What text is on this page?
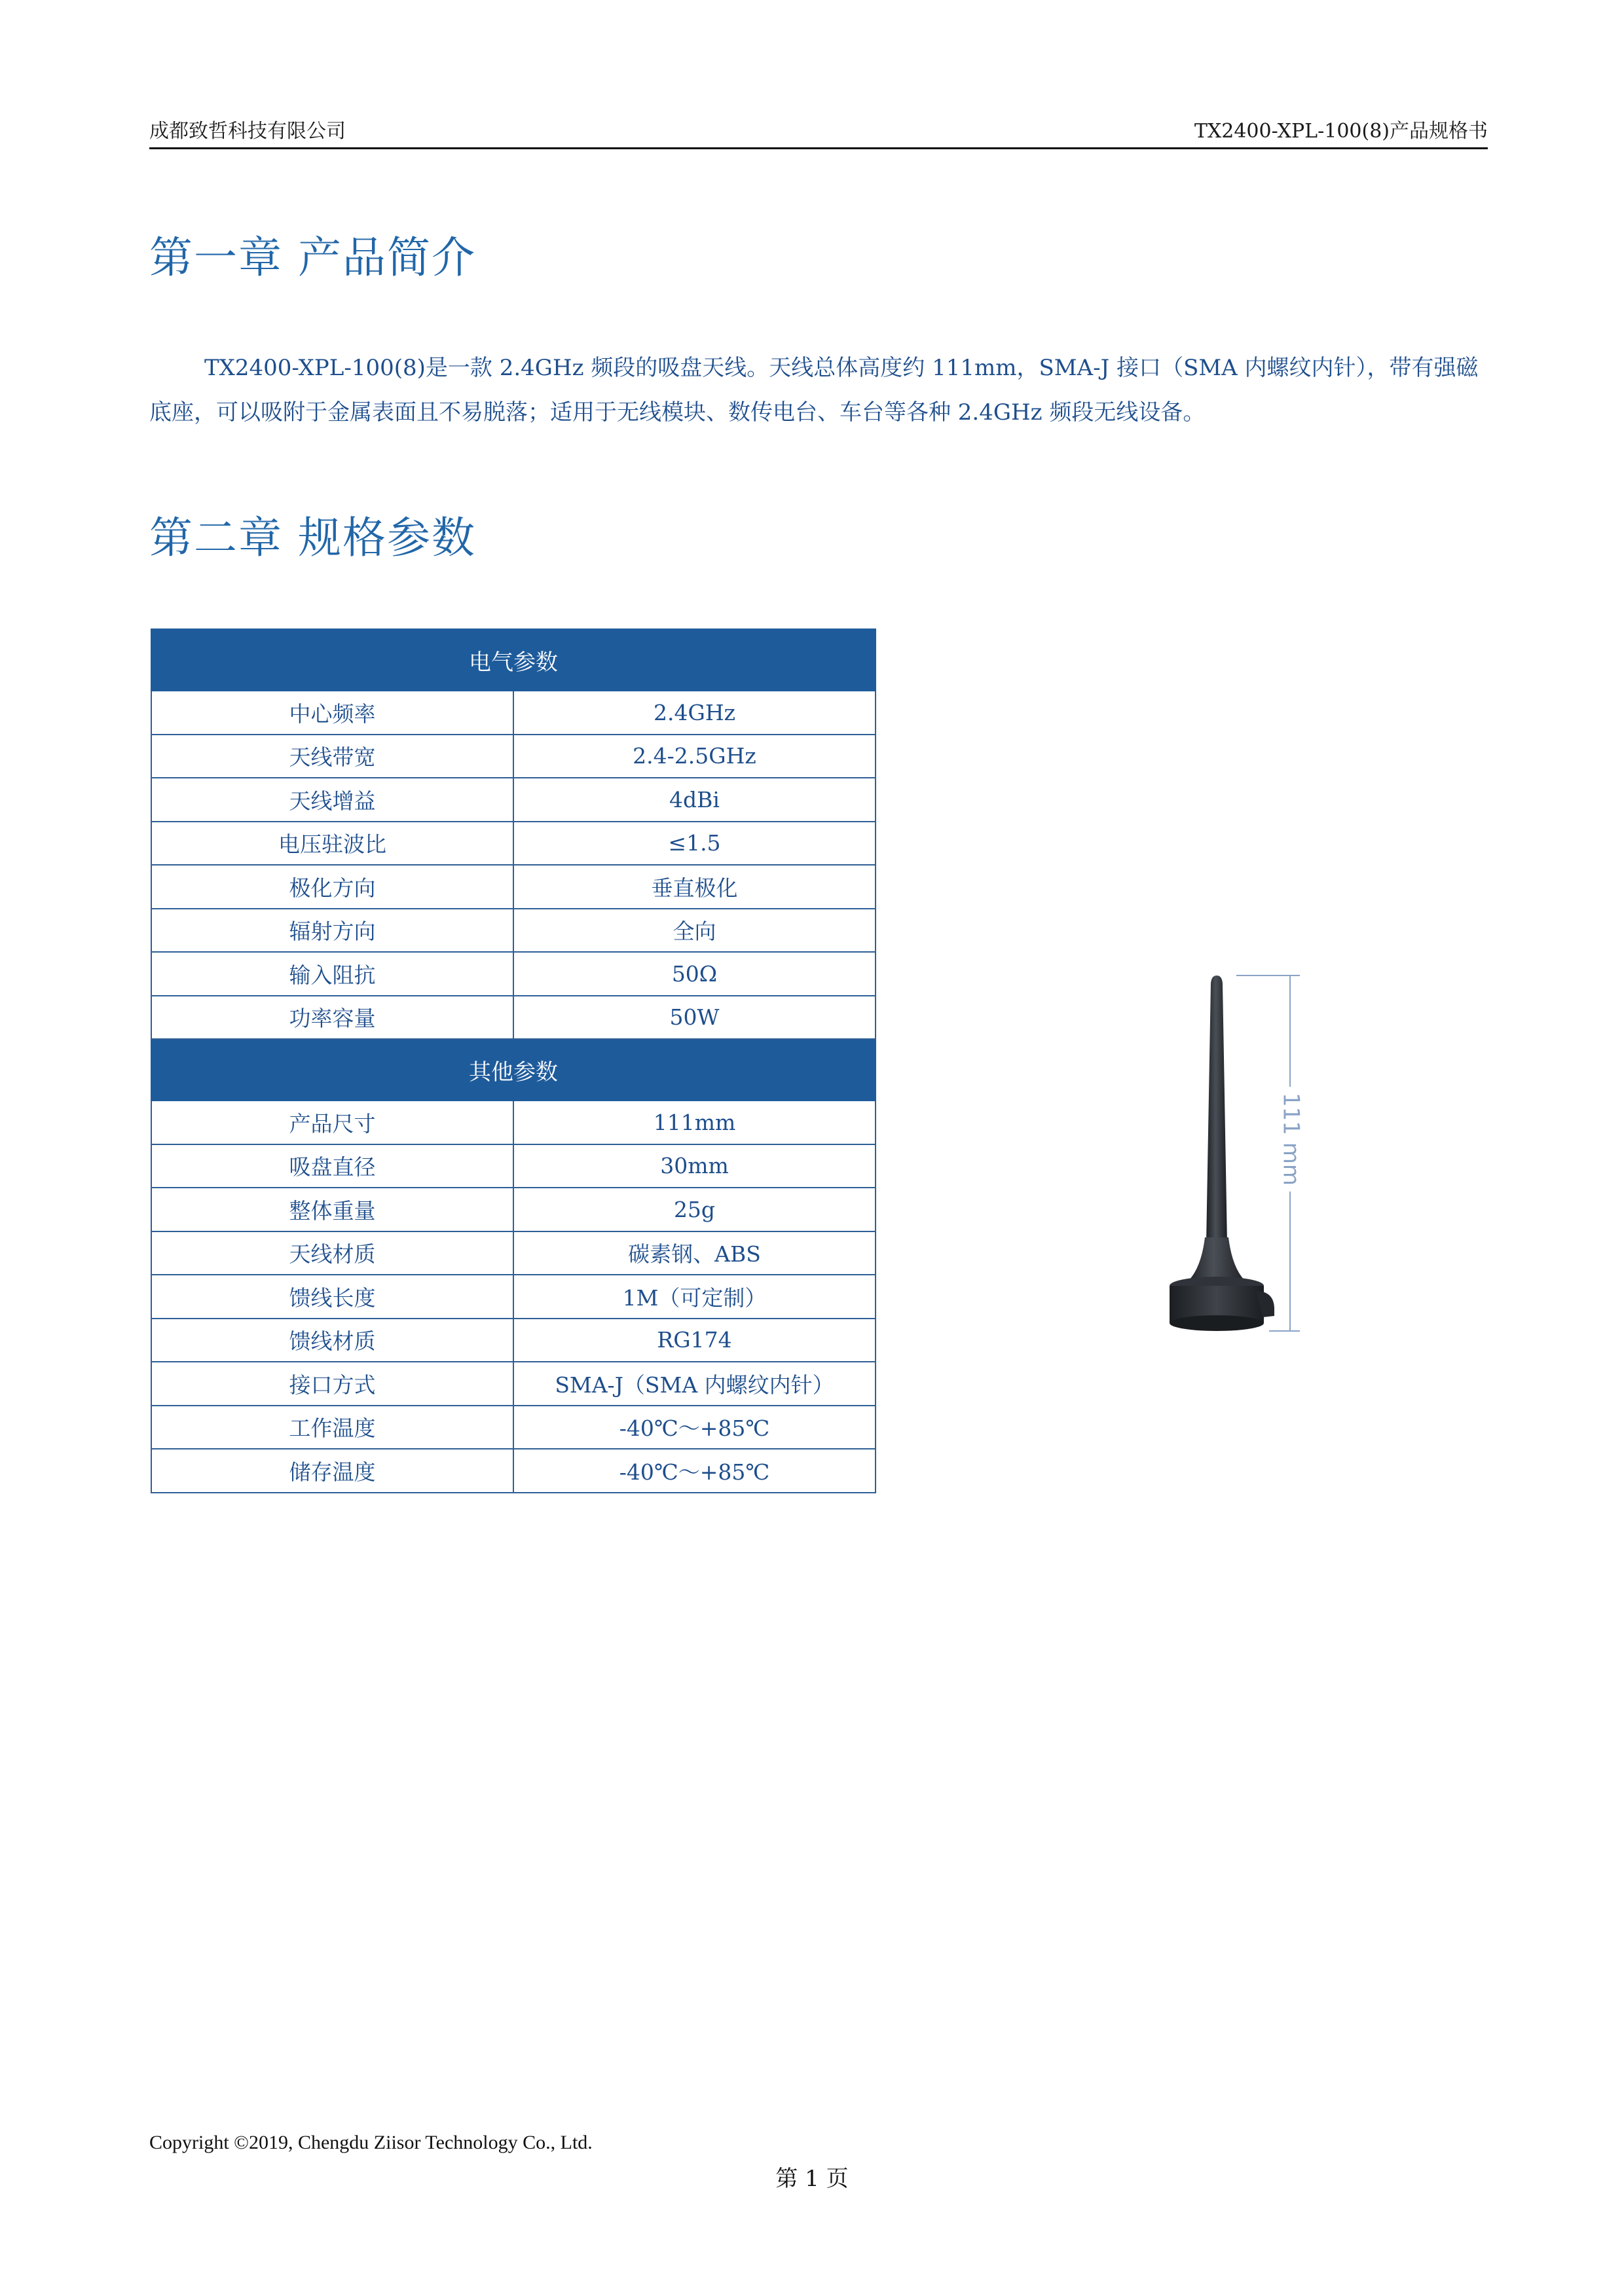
成都致哲科技有限公司	TX2400-XPL-100(8)产品规格书
第一章 产品简介

TX2400-XPL-100(8)是一款 2.4GHz 频段的吸盘天线。天线总体高度约 111mm，SMA-J 接口（SMA 内螺纹内针），带有强磁底座，可以吸附于金属表面且不易脱落；适用于无线模块、数传电台、车台等各种 2.4GHz 频段无线设备。

第二章 规格参数
电气参数	
中心频率	2.4GHz
天线带宽	2.4-2.5GHz
天线增益	4dBi
电压驻波比	≤1.5
极化方向	垂直极化
辐射方向	全向
输入阻抗	50Ω
功率容量	50W
其他参数	
产品尺寸	111mm
吸盘直径	30mm
整体重量	25g
天线材质	碳素钢、ABS
馈线长度	1M（可定制）
馈线材质	RG174
接口方式	SMA-J（SMA 内螺纹内针）
工作温度	-40℃～+85℃
储存温度	-40℃～+85℃
111 mm
Copyright ©2019, Chengdu Ziisor Technology Co., Ltd.
第 1 页
